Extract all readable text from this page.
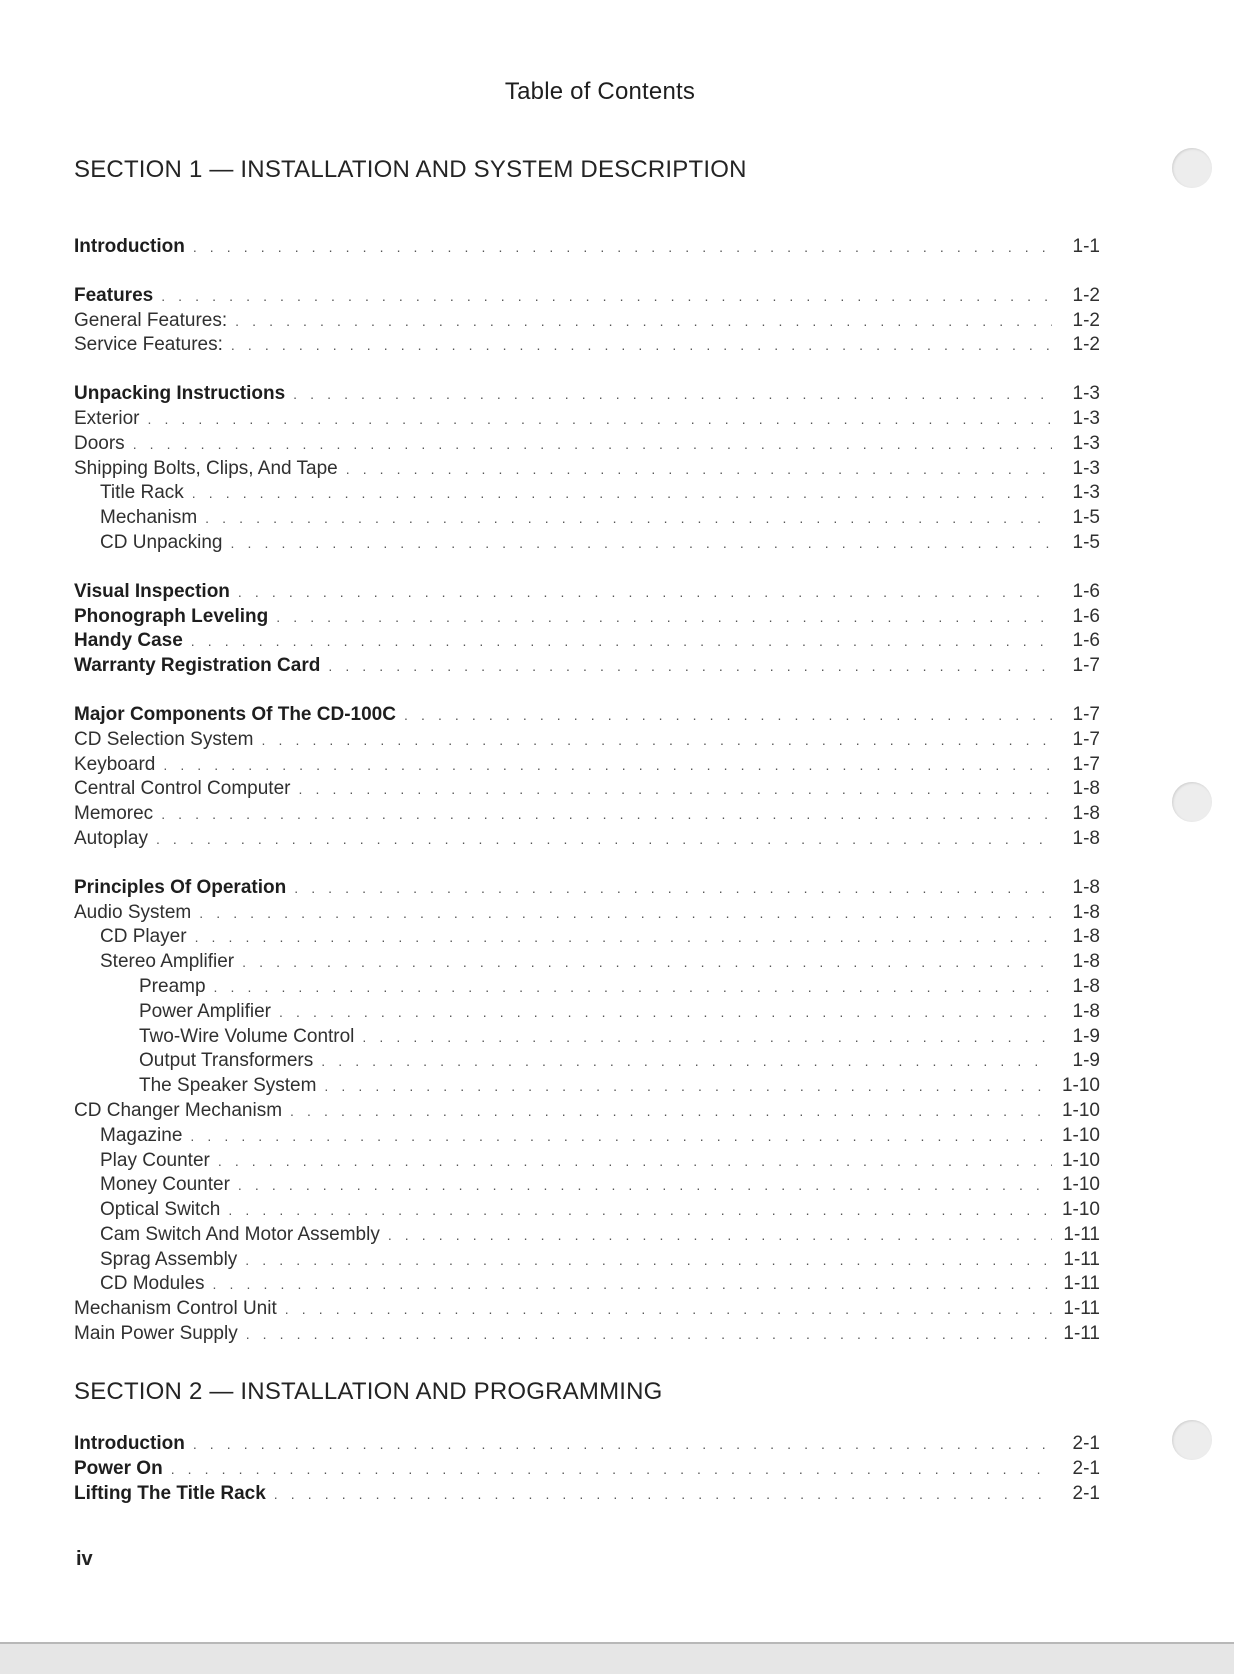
Table of Contents
SECTION 1 — INSTALLATION AND SYSTEM DESCRIPTION
Introduction . . .	1-1
Features . . .	1-2
General Features: . . .	1-2
Service Features: . . .	1-2
Unpacking Instructions . . .	1-3
Exterior . . .	1-3
Doors . . .	1-3
Shipping Bolts, Clips, And Tape . . .	1-3
Title Rack . . .	1-3
Mechanism . . .	1-5
CD Unpacking . . .	1-5
Visual Inspection . . .	1-6
Phonograph Leveling . . .	1-6
Handy Case . . .	1-6
Warranty Registration Card . . .	1-7
Major Components Of The CD-100C . . .	1-7
CD Selection System . . .	1-7
Keyboard . . .	1-7
Central Control Computer . . .	1-8
Memorec . . .	1-8
Autoplay . . .	1-8
Principles Of Operation . . .	1-8
Audio System . . .	1-8
CD Player . . .	1-8
Stereo Amplifier . . .	1-8
Preamp . . .	1-8
Power Amplifier . . .	1-8
Two-Wire Volume Control . . .	1-9
Output Transformers . . .	1-9
The Speaker System . . .	1-10
CD Changer Mechanism . . .	1-10
Magazine . . .	1-10
Play Counter . . .	1-10
Money Counter . . .	1-10
Optical Switch . . .	1-10
Cam Switch And Motor Assembly . . .	1-11
Sprag Assembly . . .	1-11
CD Modules . . .	1-11
Mechanism Control Unit . . .	1-11
Main Power Supply . . .	1-11
SECTION 2 — INSTALLATION AND PROGRAMMING
Introduction . . .	2-1
Power On . . .	2-1
Lifting The Title Rack . . .	2-1
iv
